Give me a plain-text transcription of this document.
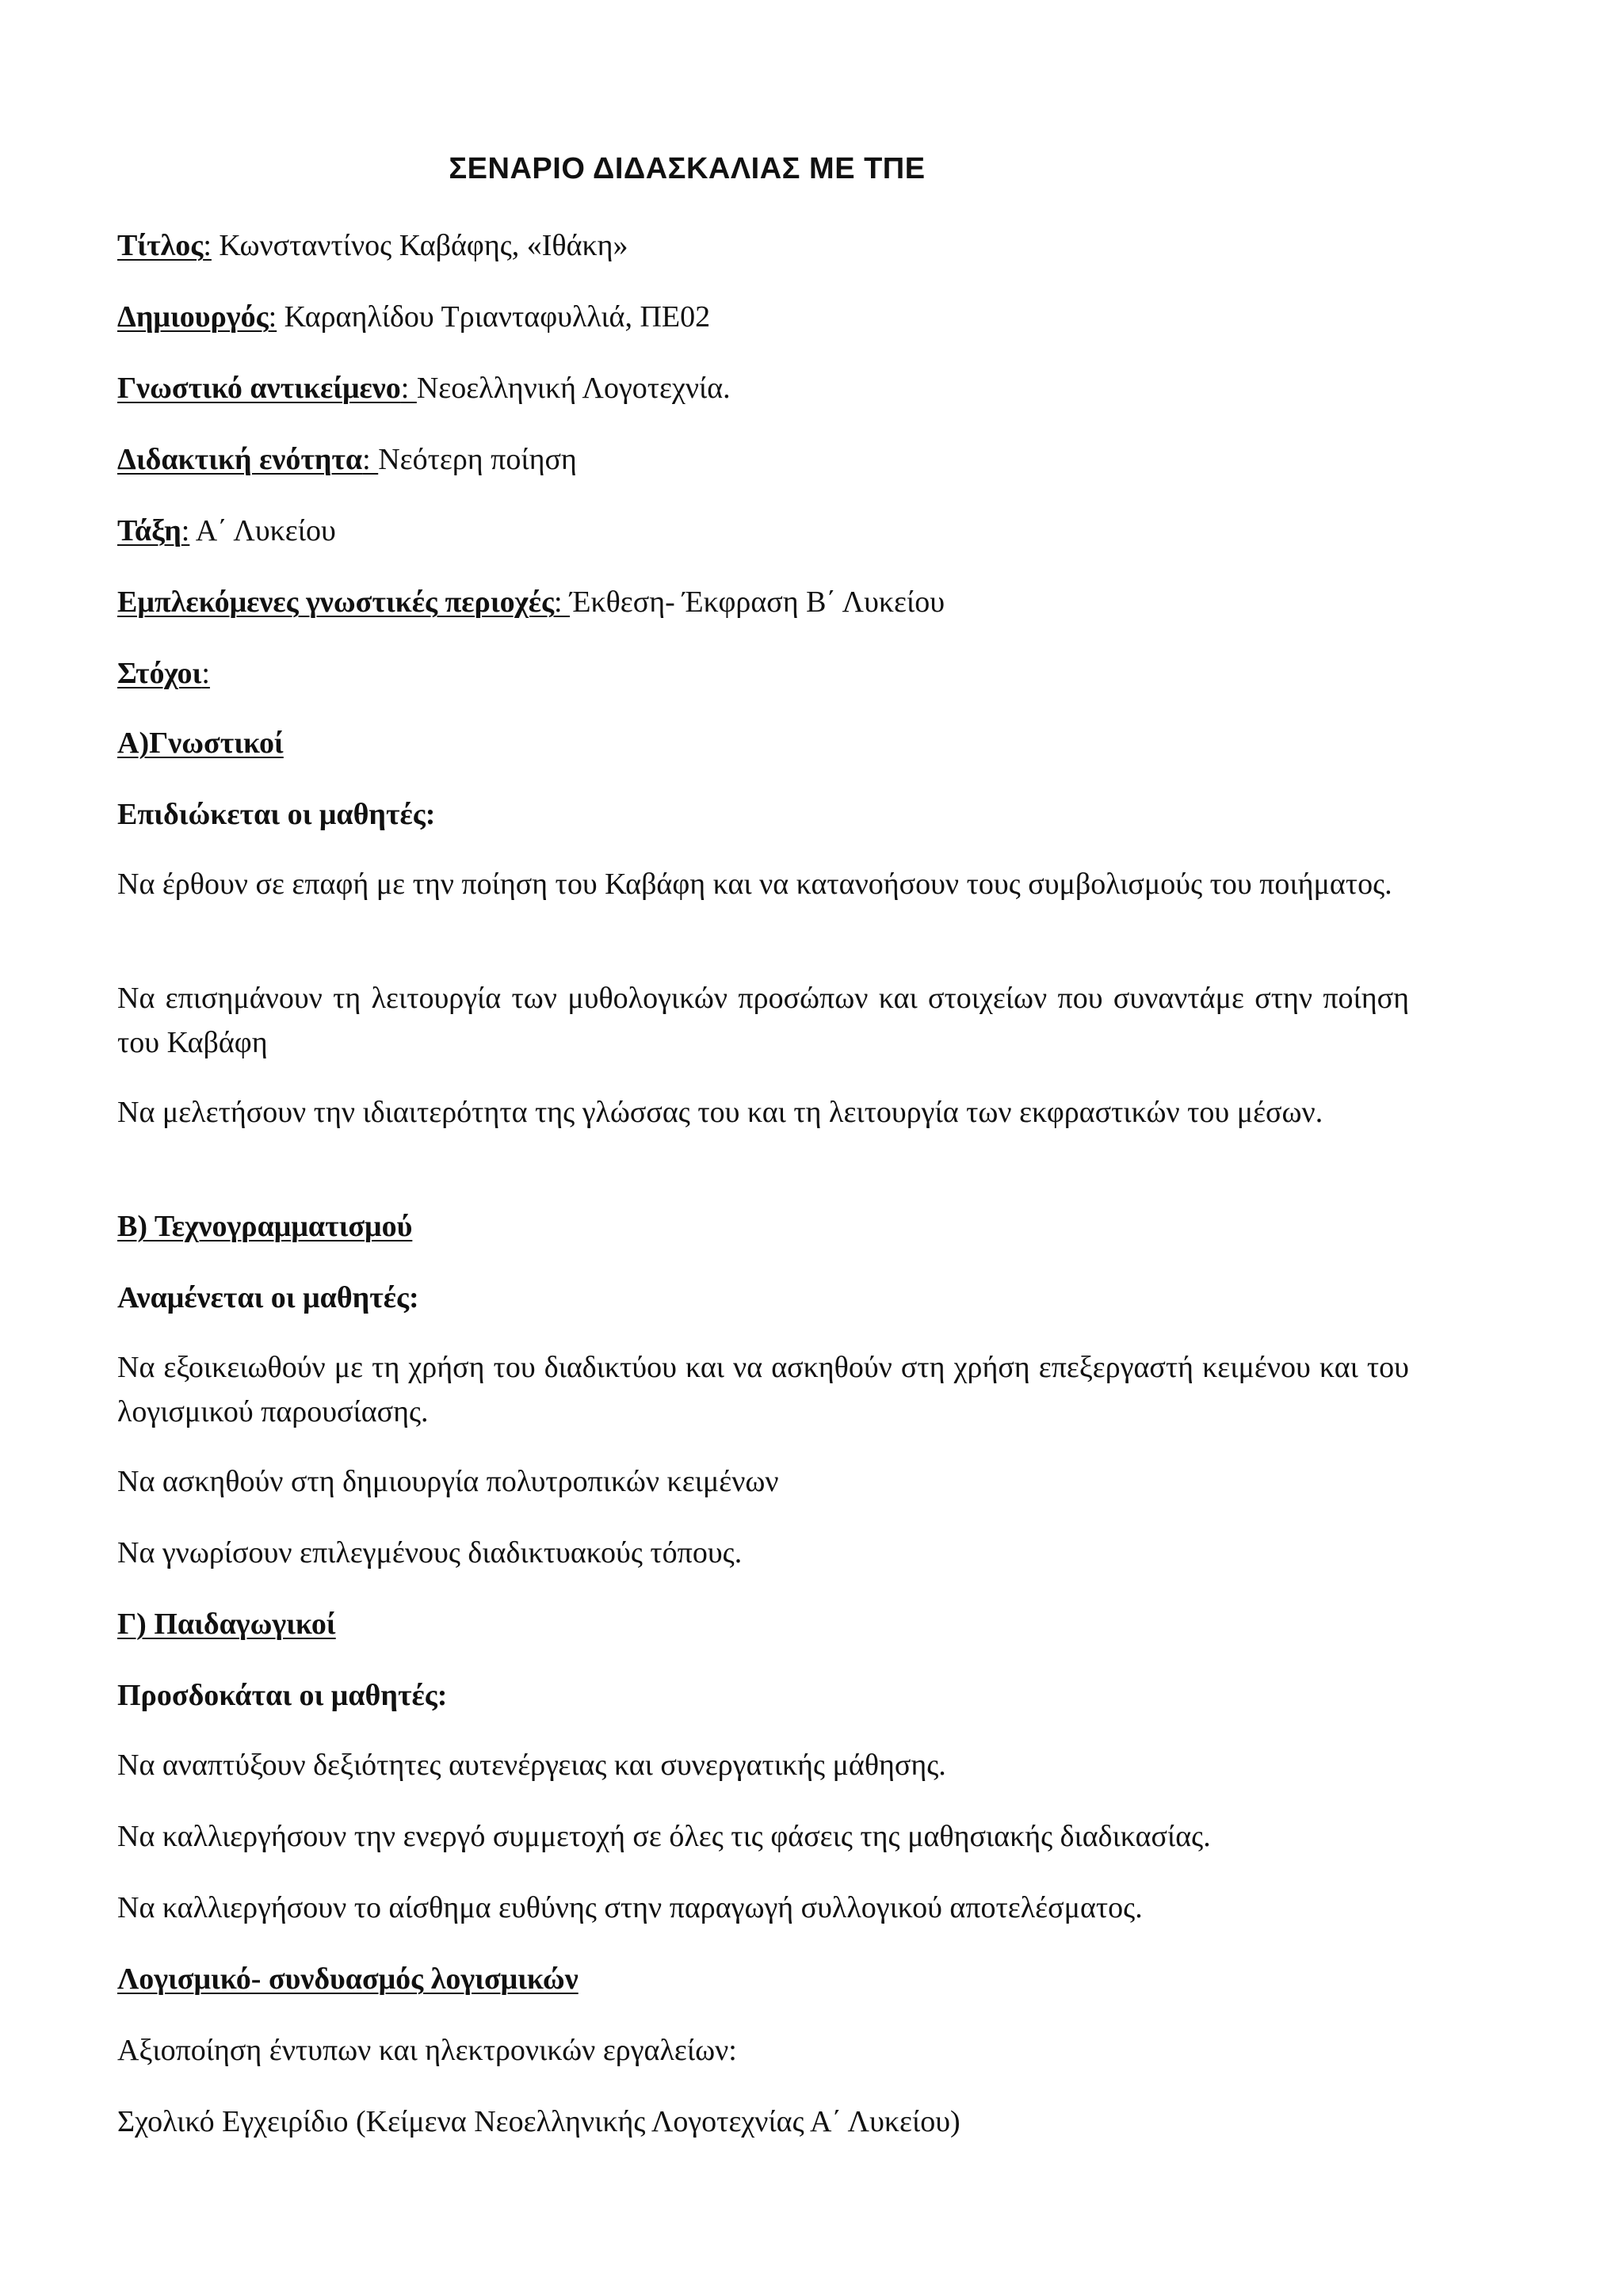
ΣΕΝΑΡΙΟ ΔΙΔΑΣΚΑΛΙΑΣ ΜΕ ΤΠΕ

Τίτλος: Κωνσταντίνος Καβάφης, «Ιθάκη»

Δημιουργός: Καραηλίδου Τριανταφυλλιά, ΠΕ02

Γνωστικό αντικείμενο: Νεοελληνική Λογοτεχνία.

Διδακτική ενότητα: Νεότερη ποίηση

Τάξη: Α΄ Λυκείου

Εμπλεκόμενες γνωστικές περιοχές: Έκθεση- Έκφραση Β΄ Λυκείου

Στόχοι:

Α)Γνωστικοί

Επιδιώκεται οι μαθητές:

Να έρθουν σε επαφή με την ποίηση του Καβάφη και να κατανοήσουν τους συμβολισμούς του ποιήματος.

Να επισημάνουν τη λειτουργία των μυθολογικών προσώπων και στοιχείων που συναντάμε στην ποίηση του Καβάφη

Να μελετήσουν την ιδιαιτερότητα της γλώσσας του και τη λειτουργία των εκφραστικών του μέσων.

Β) Τεχνογραμματισμού

Αναμένεται οι μαθητές:

Να εξοικειωθούν με τη χρήση του διαδικτύου και να ασκηθούν στη χρήση επεξεργαστή κειμένου και του λογισμικού παρουσίασης.

Να ασκηθούν στη δημιουργία πολυτροπικών κειμένων

Να γνωρίσουν επιλεγμένους διαδικτυακούς τόπους.

Γ) Παιδαγωγικοί

Προσδοκάται οι μαθητές:

Να αναπτύξουν δεξιότητες αυτενέργειας και συνεργατικής μάθησης.

Να καλλιεργήσουν την ενεργό συμμετοχή σε όλες τις φάσεις της μαθησιακής διαδικασίας.

Να καλλιεργήσουν το αίσθημα ευθύνης στην παραγωγή συλλογικού αποτελέσματος.

Λογισμικό- συνδυασμός λογισμικών

Αξιοποίηση έντυπων και ηλεκτρονικών εργαλείων:

Σχολικό Εγχειρίδιο (Κείμενα Νεοελληνικής Λογοτεχνίας Α΄ Λυκείου)
